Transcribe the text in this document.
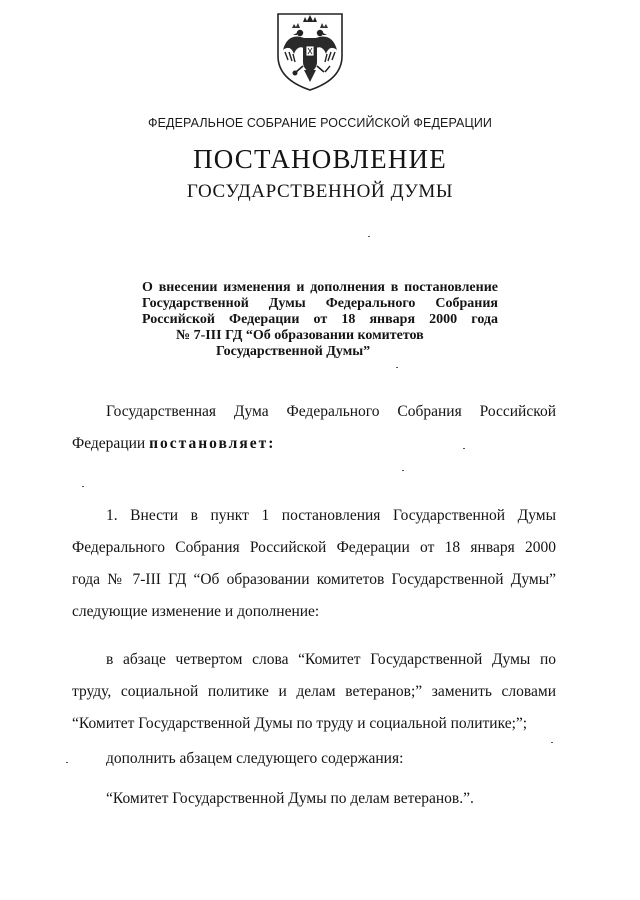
ФЕДЕРАЛЬНОЕ СОБРАНИЕ РОССИЙСКОЙ ФЕДЕРАЦИИ
ПОСТАНОВЛЕНИЕ
ГОСУДАРСТВЕННОЙ ДУМЫ
О внесении изменения и дополнения в постановление
Государственной Думы Федерального Собрания
Российской Федерации от 18 января 2000 года
№ 7-III ГД “Об образовании комитетов
Государственной Думы”
Государственная Дума Федерального Собрания Российской
Федерации постановляет:
1. Внести в пункт 1 постановления Государственной Думы
Федерального Собрания Российской Федерации от 18 января 2000
года № 7-III ГД “Об образовании комитетов Государственной Думы”
следующие изменение и дополнение:
в абзаце четвертом слова “Комитет Государственной Думы по
труду, социальной политике и делам ветеранов;” заменить словами
“Комитет Государственной Думы по труду и социальной политике;”;
дополнить абзацем следующего содержания:
“Комитет Государственной Думы по делам ветеранов.”.
